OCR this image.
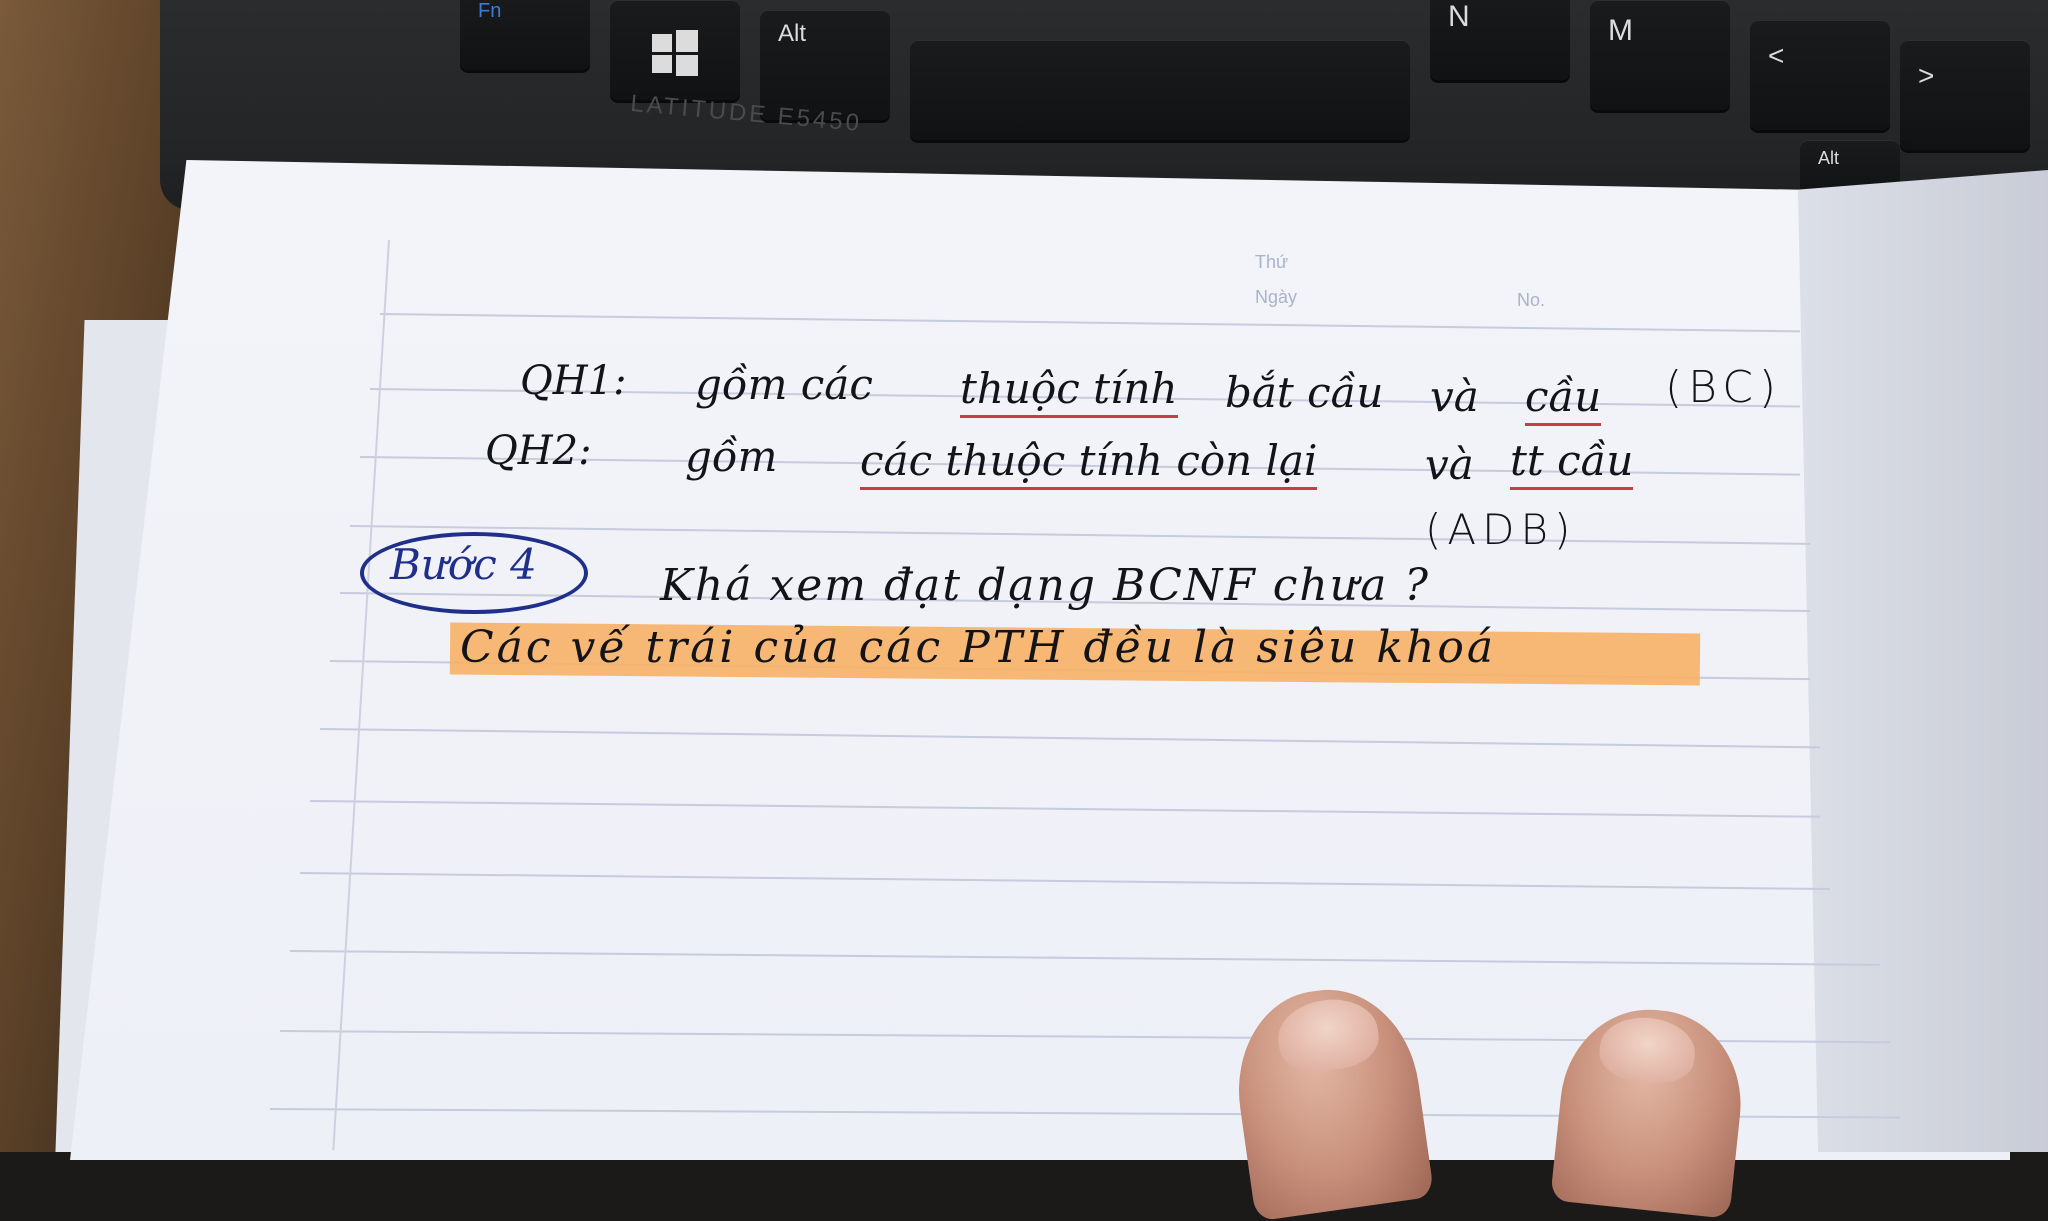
Fn
Alt
N	M
<
>
Alt
LATITUDE E5450
Thứ
Ngày	No.
QH1: gồm các thuộc tính bắt cầu và cầu (BC)
QH2: gồm các thuộc tính còn lại	và tt cầu
(ADB)
Bước 4	Khá xem đạt dạng BCNF chưa ?
Các vế trái của các PTH đều là siêu khoá
